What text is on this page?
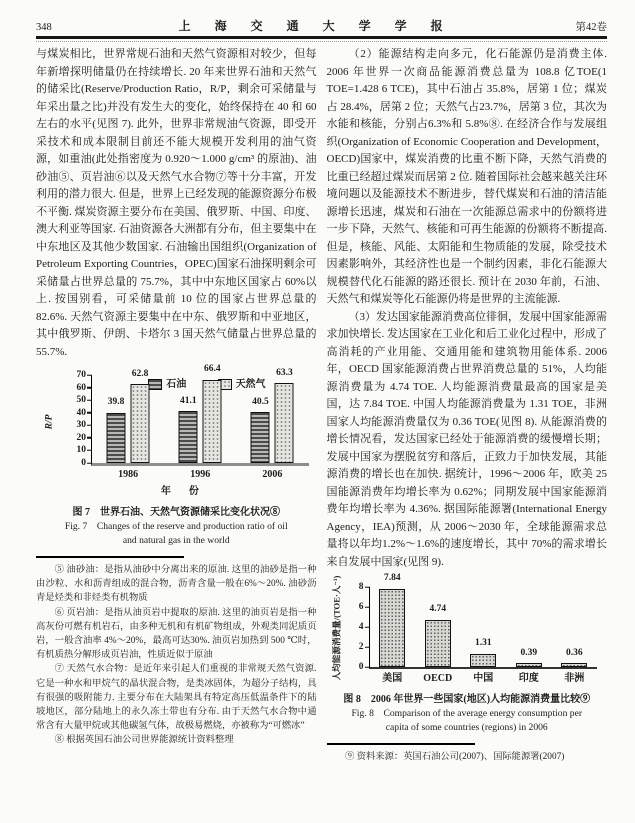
348	上　海　交　通　大　学　学　报	第42卷

与煤炭相比，世界常规石油和天然气资源相对较少，但每年新增探明储量仍在持续增长. 20 年来世界石油和天然气的储采比(Reserve/Production Ratio，R/P，剩余可采储量与年采出量之比)并没有发生大的变化，始终保持在 40 和 60 左右的水平(见图 7). 此外，世界非常规油气资源，即受开采技术和成本限制目前还不能大规模开发利用的油气资源，如重油(此处指密度为 0.920～1.000 g/cm³ 的原油)、油砂油⑤、页岩油⑥以及天然气水合物⑦等十分丰富，开发利用的潜力很大. 但是，世界上已经发现的能源资源分布极不平衡. 煤炭资源主要分布在美国、俄罗斯、中国、印度、澳大利亚等国家. 石油资源各大洲都有分布，但主要集中在中东地区及其他少数国家. 石油输出国组织(Organization of Petroleum Exporting Countries，OPEC)国家石油探明剩余可采储量占世界总量的 75.7%，其中中东地区国家占 60%以上. 按国别看，可采储量前 10 位的国家占世界总量的 82.6%. 天然气资源主要集中在中东、俄罗斯和中亚地区，其中俄罗斯、伊朗、卡塔尔 3 国天然气储量占世界总量的 55.7%.

R/P
石油	天然气
0
10
20
30
40
50
60
70
39.8
62.8
1986
41.1
66.4
1996
40.5
63.3
2006
年　份
图 7　世界石油、天然气资源储采比变化状况⑧
Fig. 7　Changes of the reserve and production ratio of oil
and natural gas in the world

⑤ 油砂油：是指从油砂中分离出来的原油. 这里的油砂是指一种由沙粒、水和沥青组成的混合物，沥青含量一般在6%～20%. 油砂沥青是烃类和非烃类有机物质

⑥ 页岩油：是指从油页岩中提取的原油. 这里的油页岩是指一种高灰份可燃有机岩石，由多种无机和有机矿物组成，外观类同泥质页岩，一般含油率 4%～20%，最高可达30%. 油页岩加热到 500 ℃时，有机质热分解形成页岩油，性质近似于原油

⑦ 天然气水合物：是近年来引起人们重视的非常规天然气资源. 它是一种水和甲烷气的晶状混合物，是类冰固体，为超分子结构，具有很强的吸附能力. 主要分布在大陆架具有特定高压低温条件下的陆坡地区，部分陆地上的永久冻土带也有分布. 由于天然气水合物中通常含有大量甲烷或其他碳氢气体，故极易燃烧，亦被称为“可燃冰”

⑧ 根据英国石油公司世界能源统计资料整理

（2）能源结构走向多元，化石能源仍是消费主体. 2006 年世界一次商品能源消费总量为 108.8 亿TOE(1 TOE=1.428 6 TCE)，其中石油占 35.8%，居第 1 位；煤炭占 28.4%，居第 2 位；天然气占23.7%，居第 3 位，其次为水能和核能，分别占6.3%和 5.8%⑧. 在经济合作与发展组织(Organization of Economic Cooperation and Development，OECD)国家中，煤炭消费的比重不断下降，天然气消费的比重已经超过煤炭而居第 2 位. 随着国际社会越来越关注环境问题以及能源技术不断进步，替代煤炭和石油的清洁能源增长迅速，煤炭和石油在一次能源总需求中的份额将进一步下降，天然气、核能和可再生能源的份额将不断提高. 但是，核能、风能、太阳能和生物质能的发展，除受技术因素影响外，其经济性也是一个制约因素，非化石能源大规模替代化石能源的路还很长. 预计在 2030 年前，石油、天然气和煤炭等化石能源仍将是世界的主流能源.

（3）发达国家能源消费高位徘徊，发展中国家能源需求加快增长. 发达国家在工业化和后工业化过程中，形成了高消耗的产业用能、交通用能和建筑物用能体系. 2006 年，OECD 国家能源消费占世界消费总量的 51%，人均能源消费量为 4.74 TOE. 人均能源消费量最高的国家是美国，达 7.84 TOE. 中国人均能源消费量为 1.31 TOE，非洲国家人均能源消费量仅为 0.36 TOE(见图 8). 从能源消费的增长情况看，发达国家已经处于能源消费的缓慢增长期；发展中国家为摆脱贫穷和落后，正致力于加快发展，其能源消费的增长也在加快. 据统计，1996～2006 年，欧美 25 国能源消费年均增长率为 0.62%；同期发展中国家能源消费年均增长率为 4.36%. 据国际能源署(International Energy Agency，IEA)预测，从 2006～2030 年，全球能源需求总量将以年均1.2%～1.6%的速度增长，其中 70%的需求增长来自发展中国家(见图 9).

人均能源消费量/(TOE·人⁻¹)	0
2
4
6
8
7.84
美国
4.74
OECD
1.31
中国
0.39
印度
0.36
非洲
图 8　2006 年世界一些国家(地区)人均能源消费量比较⑨
Fig. 8　Comparison of the average energy consumption per
capita of some countries (regions) in 2006

⑨ 资料来源：英国石油公司(2007)、国际能源署(2007)
